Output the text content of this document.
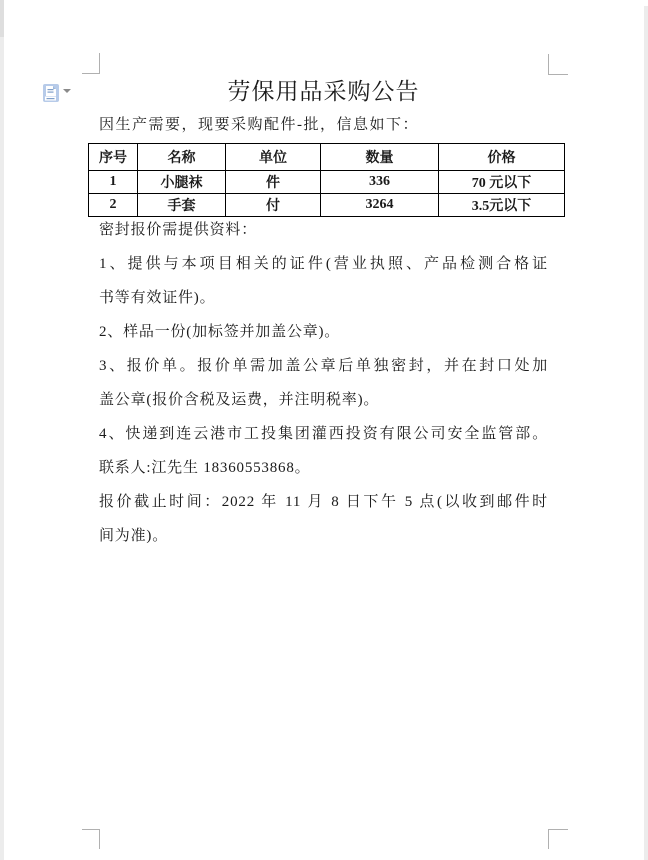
劳保用品采购公告
因生产需要，现要采购配件-批，信息如下：
序号	名称	单位	数量	价格
1	小腿袜	件	336	70 元以下
2	手套	付	3264	3.5元以下
密封报价需提供资料：
1、提供与本项目相关的证件(营业执照、产品检测合格证
书等有效证件)。
2、样品一份(加标签并加盖公章)。
3、报价单。报价单需加盖公章后单独密封，并在封口处加
盖公章(报价含税及运费，并注明税率)。
4、快递到连云港市工投集团灌西投资有限公司安全监管部。
联系人:江先生 18360553868。
报价截止时间：2022 年 11 月 8 日下午 5 点(以收到邮件时
间为准)。
